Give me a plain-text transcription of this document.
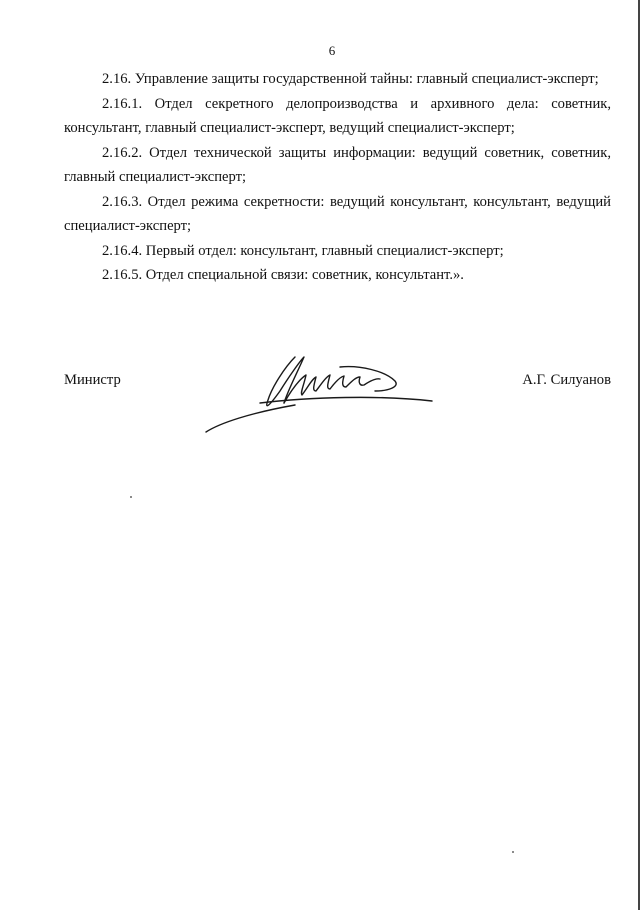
6

2.16. Управление защиты государственной тайны: главный специалист-эксперт;

2.16.1. Отдел секретного делопроизводства и архивного дела: советник, консультант, главный специалист-эксперт, ведущий специалист-эксперт;

2.16.2. Отдел технической защиты информации: ведущий советник, советник, главный специалист-эксперт;

2.16.3. Отдел режима секретности: ведущий консультант, консультант, ведущий специалист-эксперт;

2.16.4. Первый отдел: консультант, главный специалист-эксперт;

2.16.5. Отдел специальной связи: советник, консультант.».

Министр	А.Г. Силуанов
